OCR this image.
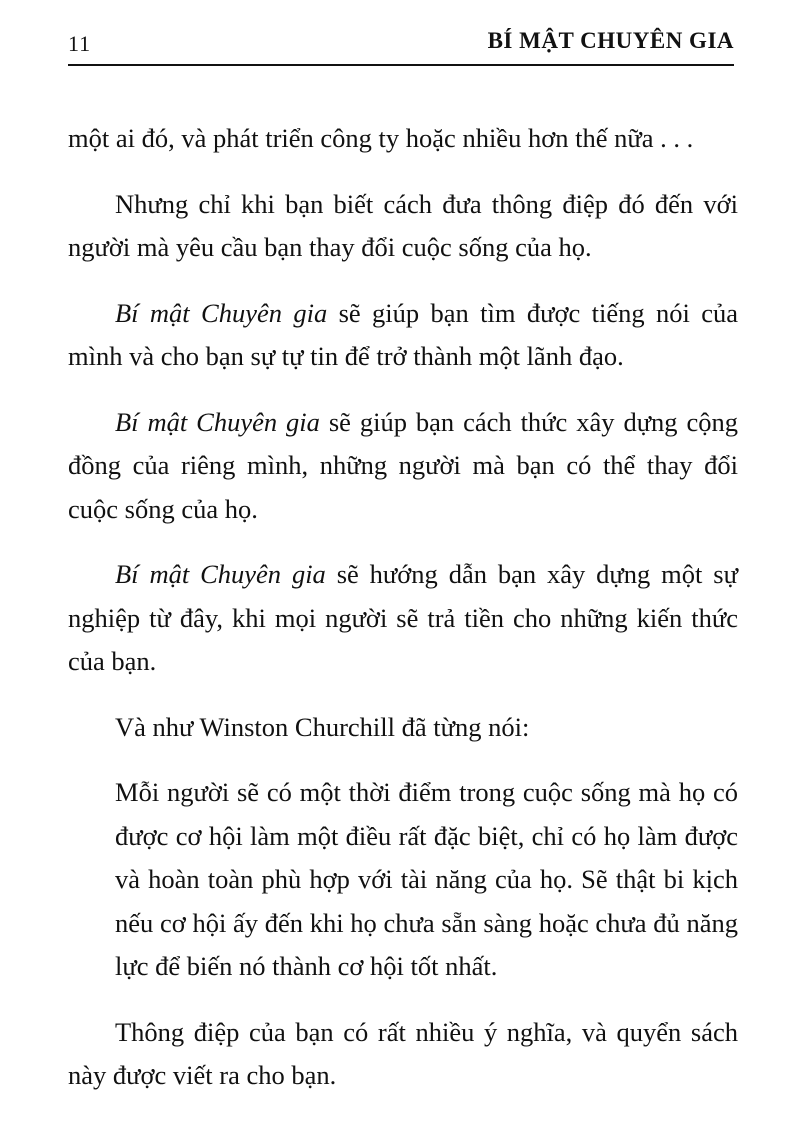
11	BÍ MẬT CHUYÊN GIA

một ai đó, và phát triển công ty hoặc nhiều hơn thế nữa . . .

Nhưng chỉ khi bạn biết cách đưa thông điệp đó đến với người mà yêu cầu bạn thay đổi cuộc sống của họ.

Bí mật Chuyên gia sẽ giúp bạn tìm được tiếng nói của mình và cho bạn sự tự tin để trở thành một lãnh đạo.

Bí mật Chuyên gia sẽ giúp bạn cách thức xây dựng cộng đồng của riêng mình, những người mà bạn có thể thay đổi cuộc sống của họ.

Bí mật Chuyên gia sẽ hướng dẫn bạn xây dựng một sự nghiệp từ đây, khi mọi người sẽ trả tiền cho những kiến thức của bạn.

Và như Winston Churchill đã từng nói:

Mỗi người sẽ có một thời điểm trong cuộc sống mà họ có được cơ hội làm một điều rất đặc biệt, chỉ có họ làm được và hoàn toàn phù hợp với tài năng của họ. Sẽ thật bi kịch nếu cơ hội ấy đến khi họ chưa sẵn sàng hoặc chưa đủ năng lực để biến nó thành cơ hội tốt nhất.

Thông điệp của bạn có rất nhiều ý nghĩa, và quyển sách này được viết ra cho bạn.
